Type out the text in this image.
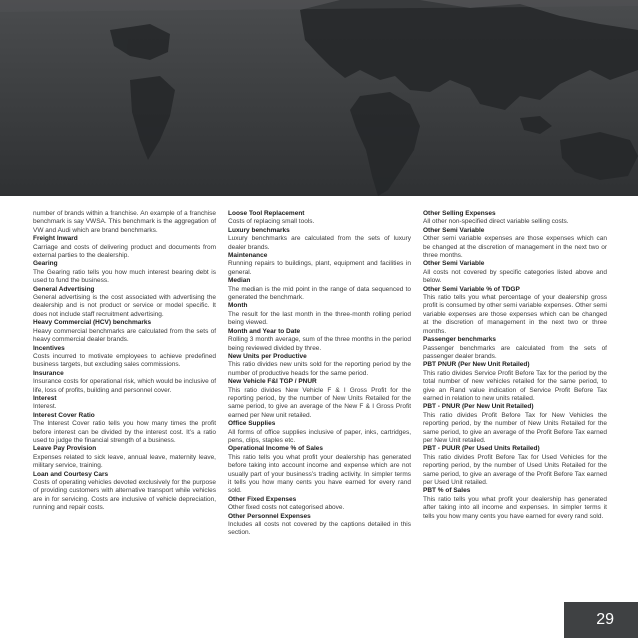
number of brands within a franchise. An example of a franchise benchmark is say VWSA. This benchmark is the aggregation of VW and Audi which are brand benchmarks.
Freight Inward
Carriage and costs of delivering product and documents from external parties to the dealership.
Gearing
The Gearing ratio tells you how much interest bearing debt is used to fund the business.
General Advertising
General advertising is the cost associated with advertising the dealership and is not product or service or model specific. It does not include staff recruitment advertising.
Heavy Commercial (HCV) benchmarks
Heavy commercial benchmarks are calculated from the sets of heavy commercial dealer brands.
Incentives
Costs incurred to motivate employees to achieve predefined business targets, but excluding sales commissions.
Insurance
Insurance costs for operational risk, which would be inclusive of life, loss of profits, building and personnel cover.
Interest
Interest.
Interest Cover Ratio
The Interest Cover ratio tells you how many times the profit before interest can be divided by the interest cost. It’s a ratio used to judge the financial strength of a business.
Leave Pay Provision
Expenses related to sick leave, annual leave, maternity leave, military service, training.
Loan and Courtesy Cars
Costs of operating vehicles devoted exclusively for the purpose of providing customers with alternative transport while vehicles are in for servicing. Costs are inclusive of vehicle depreciation, running and repair costs.
Loose Tool Replacement
Costs of replacing small tools.
Luxury benchmarks
Luxury benchmarks are calculated from the sets of luxury dealer brands.
Maintenance
Running repairs to buildings, plant, equipment and facilities in general.
Median
The median is the mid point in the range of data sequenced to generated the benchmark.
Month
The result for the last month in the three-month rolling period being viewed.
Month and Year to Date
Rolling 3 month average, sum of the three months in the period being reviewed divided by three.
New Units per Productive
This ratio divides new units sold for the reporting period by the number of productive heads for the same period.
New Vehicle F&I TGP / PNUR
This ratio divides New Vehicle F & I Gross Profit for the reporting period, by the number of New Units Retailed for the same period, to give an average of the New F & I Gross Profit earned per New unit retailed.
Office Supplies
All forms of office supplies inclusive of paper, inks, cartridges, pens, clips, staples etc.
Operational Income % of Sales
This ratio tells you what profit your dealership has generated before taking into account income and expense which are not usually part of your business’s trading activity. In simpler terms it tells you how many cents you have earned for every rand sold.
Other Fixed Expenses
Other fixed costs not categorised above.
Other Personnel Expenses
Includes all costs not covered by the captions detailed in this section.
Other Selling Expenses
All other non-specified direct variable selling costs.
Other Semi Variable
Other semi variable expenses are those expenses which can be changed at the discretion of management in the next two or three months.
Other Semi Variable
All costs not covered by specific categories listed above and below.
Other Semi Variable % of TDGP
This ratio tells you what percentage of your dealership gross profit is consumed by other semi variable expenses. Other semi variable expenses are those expenses which can be changed at the discretion of management in the next two or three months.
Passenger benchmarks
Passenger benchmarks are calculated from the sets of passenger dealer brands.
PBT PNUR (Per New Unit Retailed)
This ratio divides Service Profit Before Tax for the period by the total number of new vehicles retailed for the same period, to give an Rand value indication of Service Profit Before Tax earned in relation to new units retailed.
PBT - PNUR (Per New Unit Retailed)
This ratio divides Profit Before Tax for New Vehicles the reporting period, by the number of New Units Retailed for the same period, to give an average of the Profit Before Tax earned per New Unit retailed.
PBT - PUUR (Per Used Units Retailed)
This ratio divides Profit Before Tax for Used Vehicles for the reporting period, by the number of Used Units Retailed for the same period, to give an average of the Profit Before Tax earned per Used Unit retailed.
PBT % of Sales
This ratio tells you what profit your dealership has generated after taking into all income and expenses. In simpler terms it tells you how many cents you have earned for every rand sold.
29
